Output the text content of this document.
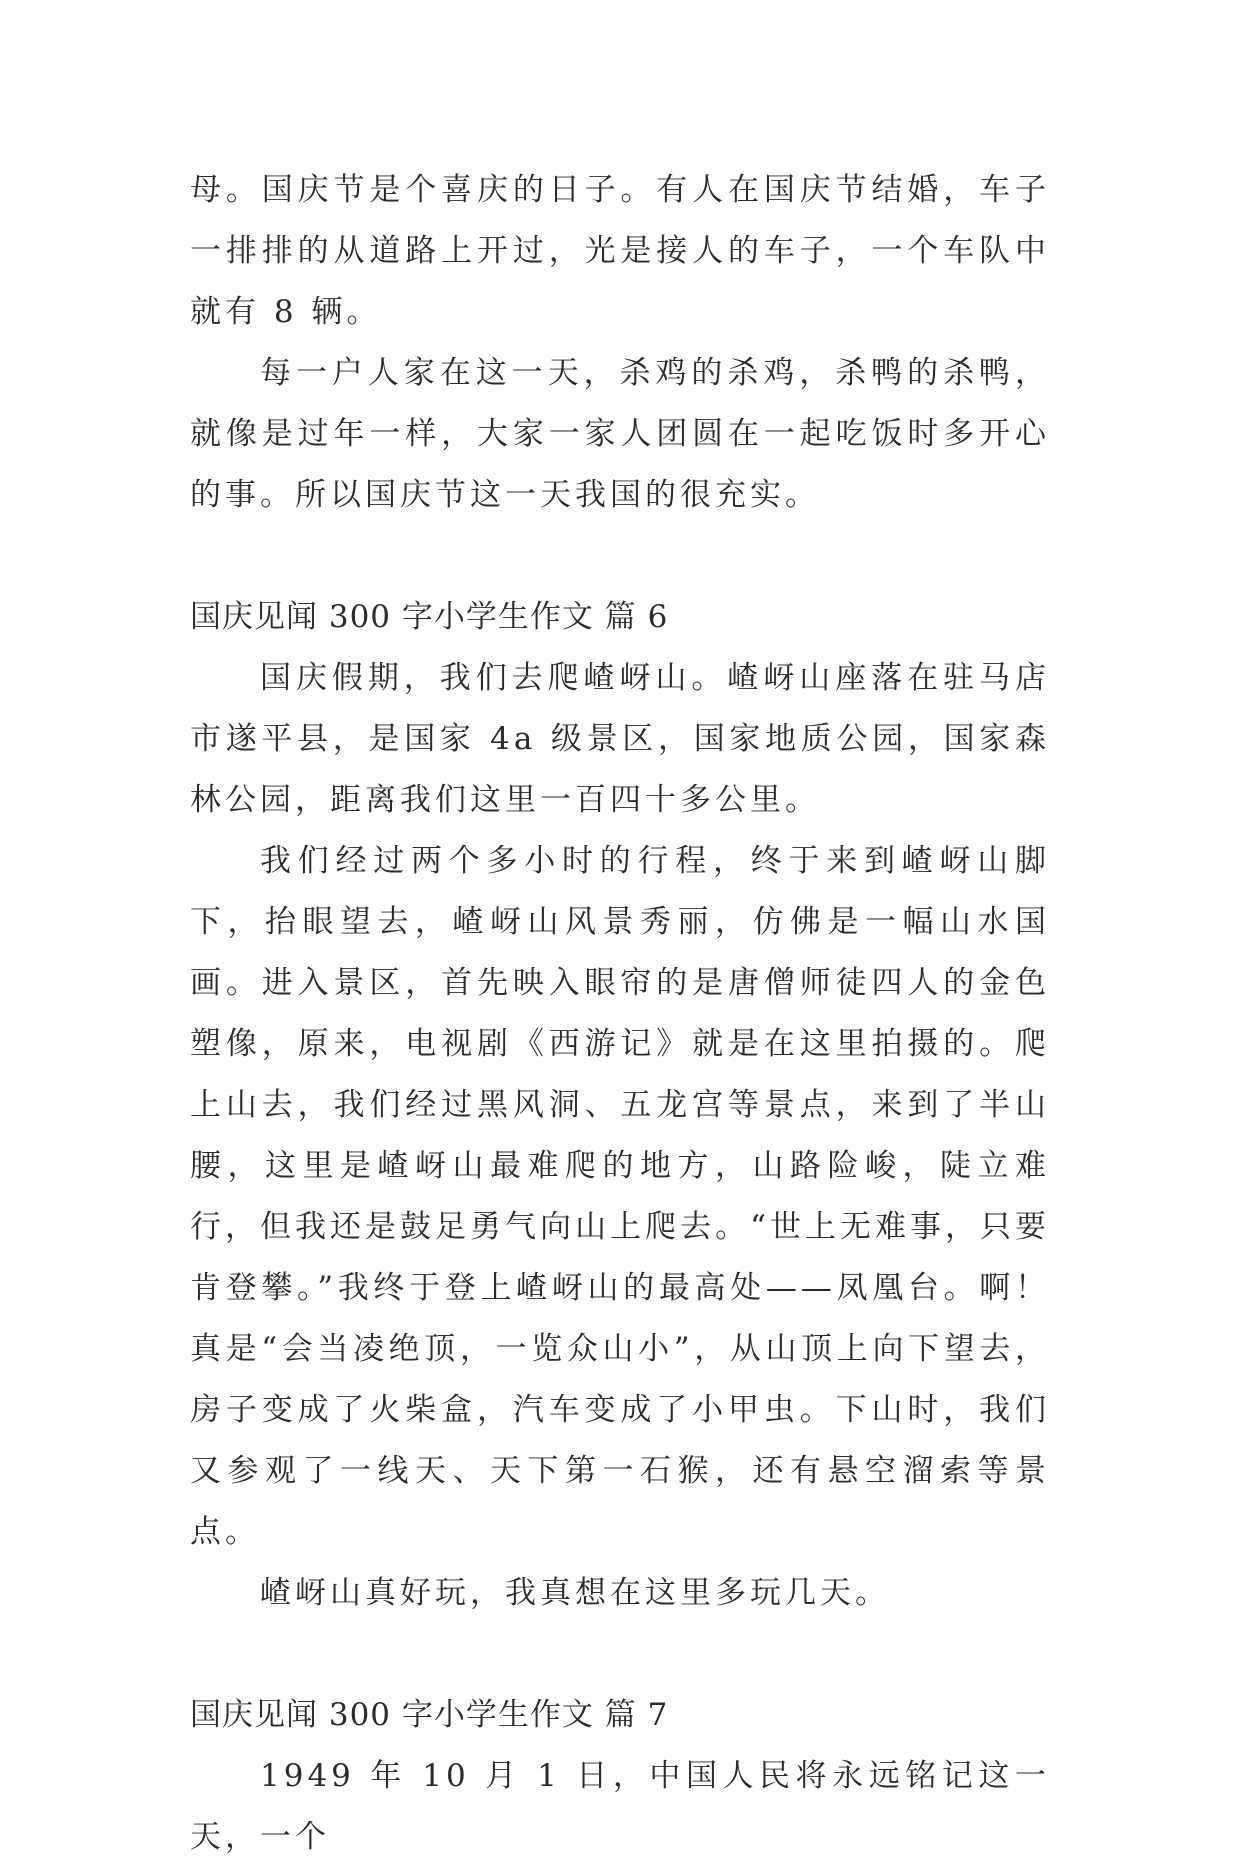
母。国庆节是个喜庆的日子。有人在国庆节结婚，车子一排排的从道路上开过，光是接人的车子，一个车队中就有 8 辆。

每一户人家在这一天，杀鸡的杀鸡，杀鸭的杀鸭，就像是过年一样，大家一家人团圆在一起吃饭时多开心的事。所以国庆节这一天我国的很充实。

国庆见闻 300 字小学生作文 篇 6

国庆假期，我们去爬嵖岈山。嵖岈山座落在驻马店市遂平县，是国家 4a 级景区，国家地质公园，国家森林公园，距离我们这里一百四十多公里。

我们经过两个多小时的行程，终于来到嵖岈山脚下，抬眼望去，嵖岈山风景秀丽，仿佛是一幅山水国画。进入景区，首先映入眼帘的是唐僧师徒四人的金色塑像，原来，电视剧《西游记》就是在这里拍摄的。爬上山去，我们经过黑风洞、五龙宫等景点，来到了半山腰，这里是嵖岈山最难爬的地方，山路险峻，陡立难行，但我还是鼓足勇气向山上爬去。“世上无难事，只要肯登攀。”我终于登上嵖岈山的最高处——凤凰台。啊！真是“会当凌绝顶，一览众山小”，从山顶上向下望去，房子变成了火柴盒，汽车变成了小甲虫。下山时，我们又参观了一线天、天下第一石猴，还有悬空溜索等景点。

嵖岈山真好玩，我真想在这里多玩几天。

国庆见闻 300 字小学生作文 篇 7

1949 年 10 月 1 日，中国人民将永远铭记这一天，一个
